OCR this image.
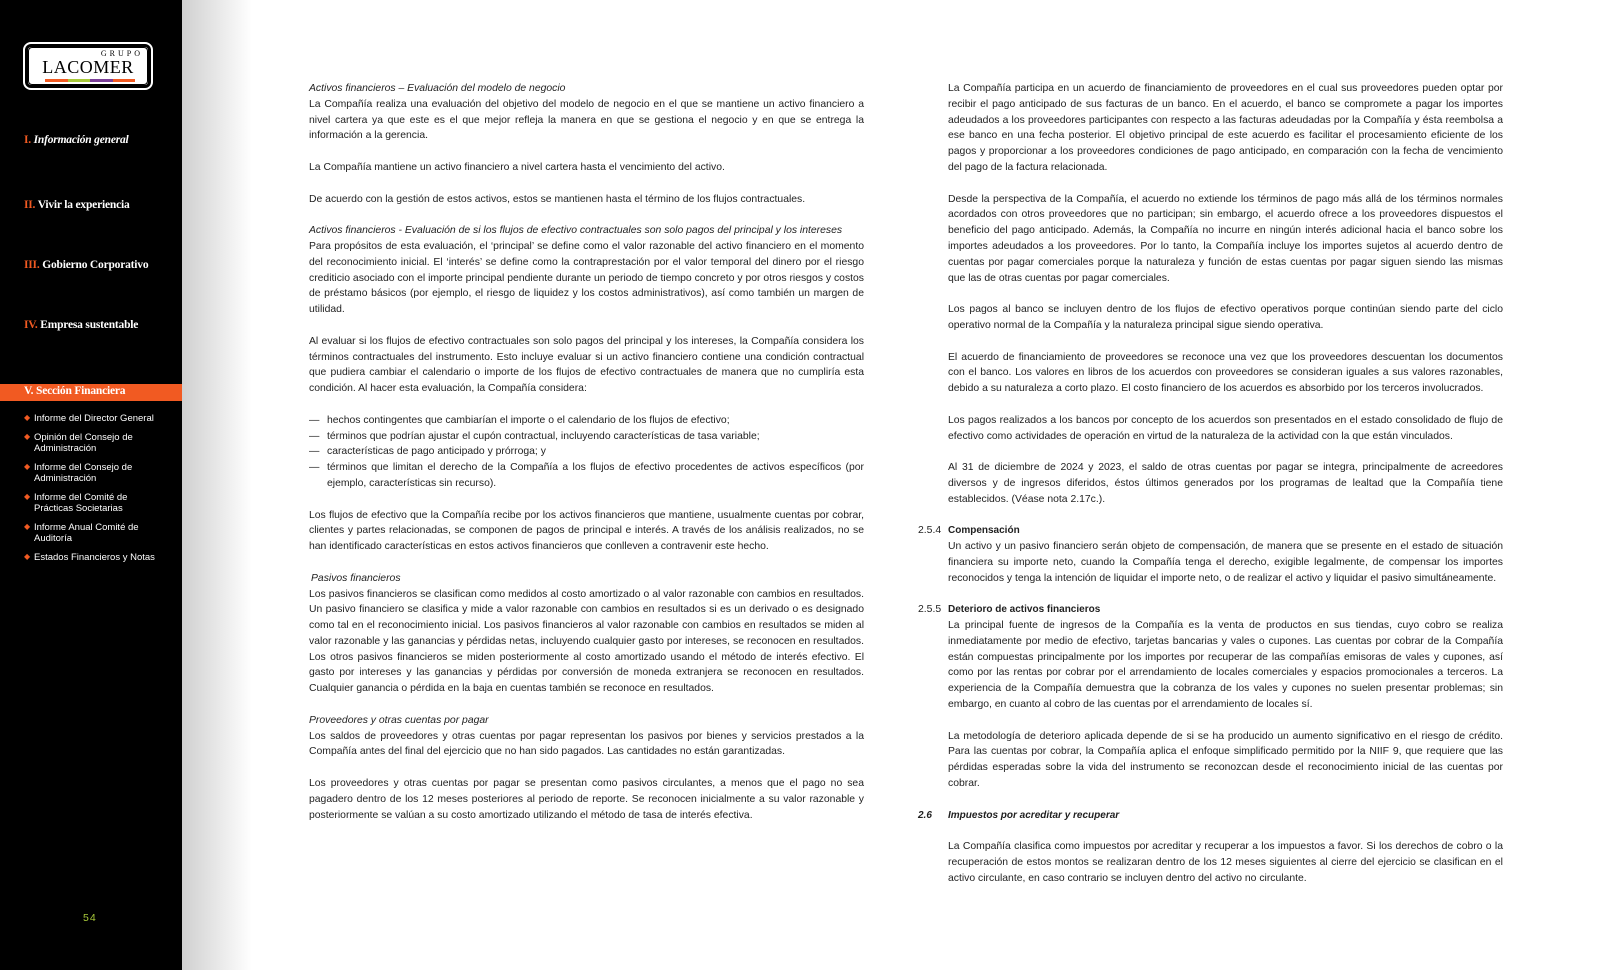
GRUPO
LACOMER
I. Información general
II. Vivir la experiencia
III. Gobierno Corporativo
IV. Empresa sustentable
V. Sección Financiera
◆ Informe del Director General
◆ Opinión del Consejo de Administración
◆ Informe del Consejo de Administración
◆ Informe del Comité de Prácticas Societarias
◆ Informe Anual Comité de Auditoría
◆ Estados Financieros y Notas
54
Activos financieros – Evaluación del modelo de negocio

La Compañía realiza una evaluación del objetivo del modelo de negocio en el que se mantiene un activo financiero a nivel cartera ya que este es el que mejor refleja la manera en que se gestiona el negocio y en que se entrega la información a la gerencia.

La Compañía mantiene un activo financiero a nivel cartera hasta el vencimiento del activo.

De acuerdo con la gestión de estos activos, estos se mantienen hasta el término de los flujos contractuales.

Activos financieros - Evaluación de si los flujos de efectivo contractuales son solo pagos del principal y los intereses

Para propósitos de esta evaluación, el ‘principal’ se define como el valor razonable del activo financiero en el momento del reconocimiento inicial. El ‘interés’ se define como la contraprestación por el valor temporal del dinero por el riesgo crediticio asociado con el importe principal pendiente durante un periodo de tiempo concreto y por otros riesgos y costos de préstamo básicos (por ejemplo, el riesgo de liquidez y los costos administrativos), así como también un margen de utilidad.

Al evaluar si los flujos de efectivo contractuales son solo pagos del principal y los intereses, la Compañía considera los términos contractuales del instrumento. Esto incluye evaluar si un activo financiero contiene una condición contractual que pudiera cambiar el calendario o importe de los flujos de efectivo contractuales de manera que no cumpliría esta condición. Al hacer esta evaluación, la Compañía considera:

— hechos contingentes que cambiarían el importe o el calendario de los flujos de efectivo;
— términos que podrían ajustar el cupón contractual, incluyendo características de tasa variable;
— características de pago anticipado y prórroga; y
— términos que limitan el derecho de la Compañía a los flujos de efectivo procedentes de activos específicos (por ejemplo, características sin recurso).

Los flujos de efectivo que la Compañía recibe por los activos financieros que mantiene, usualmente cuentas por cobrar, clientes y partes relacionadas, se componen de pagos de principal e interés. A través de los análisis realizados, no se han identificado características en estos activos financieros que conlleven a contravenir este hecho.

Pasivos financieros

Los pasivos financieros se clasifican como medidos al costo amortizado o al valor razonable con cambios en resultados. Un pasivo financiero se clasifica y mide a valor razonable con cambios en resultados si es un derivado o es designado como tal en el reconocimiento inicial. Los pasivos financieros al valor razonable con cambios en resultados se miden al valor razonable y las ganancias y pérdidas netas, incluyendo cualquier gasto por intereses, se reconocen en resultados. Los otros pasivos financieros se miden posteriormente al costo amortizado usando el método de interés efectivo. El gasto por intereses y las ganancias y pérdidas por conversión de moneda extranjera se reconocen en resultados. Cualquier ganancia o pérdida en la baja en cuentas también se reconoce en resultados.

Proveedores y otras cuentas por pagar

Los saldos de proveedores y otras cuentas por pagar representan los pasivos por bienes y servicios prestados a la Compañía antes del final del ejercicio que no han sido pagados. Las cantidades no están garantizadas.

Los proveedores y otras cuentas por pagar se presentan como pasivos circulantes, a menos que el pago no sea pagadero dentro de los 12 meses posteriores al periodo de reporte. Se reconocen inicialmente a su valor razonable y posteriormente se valúan a su costo amortizado utilizando el método de tasa de interés efectiva.

La Compañía participa en un acuerdo de financiamiento de proveedores en el cual sus proveedores pueden optar por recibir el pago anticipado de sus facturas de un banco. En el acuerdo, el banco se compromete a pagar los importes adeudados a los proveedores participantes con respecto a las facturas adeudadas por la Compañía y ésta reembolsa a ese banco en una fecha posterior. El objetivo principal de este acuerdo es facilitar el procesamiento eficiente de los pagos y proporcionar a los proveedores condiciones de pago anticipado, en comparación con la fecha de vencimiento del pago de la factura relacionada.

Desde la perspectiva de la Compañía, el acuerdo no extiende los términos de pago más allá de los términos normales acordados con otros proveedores que no participan; sin embargo, el acuerdo ofrece a los proveedores dispuestos el beneficio del pago anticipado. Además, la Compañía no incurre en ningún interés adicional hacia el banco sobre los importes adeudados a los proveedores. Por lo tanto, la Compañía incluye los importes sujetos al acuerdo dentro de cuentas por pagar comerciales porque la naturaleza y función de estas cuentas por pagar siguen siendo las mismas que las de otras cuentas por pagar comerciales.

Los pagos al banco se incluyen dentro de los flujos de efectivo operativos porque continúan siendo parte del ciclo operativo normal de la Compañía y la naturaleza principal sigue siendo operativa.

El acuerdo de financiamiento de proveedores se reconoce una vez que los proveedores descuentan los documentos con el banco. Los valores en libros de los acuerdos con proveedores se consideran iguales a sus valores razonables, debido a su naturaleza a corto plazo. El costo financiero de los acuerdos es absorbido por los terceros involucrados.

Los pagos realizados a los bancos por concepto de los acuerdos son presentados en el estado consolidado de flujo de efectivo como actividades de operación en virtud de la naturaleza de la actividad con la que están vinculados.

Al 31 de diciembre de 2024 y 2023, el saldo de otras cuentas por pagar se integra, principalmente de acreedores diversos y de ingresos diferidos, éstos últimos generados por los programas de lealtad que la Compañía tiene establecidos. (Véase nota 2.17c.).

2.5.4 Compensación

Un activo y un pasivo financiero serán objeto de compensación, de manera que se presente en el estado de situación financiera su importe neto, cuando la Compañía tenga el derecho, exigible legalmente, de compensar los importes reconocidos y tenga la intención de liquidar el importe neto, o de realizar el activo y liquidar el pasivo simultáneamente.

2.5.5 Deterioro de activos financieros

La principal fuente de ingresos de la Compañía es la venta de productos en sus tiendas, cuyo cobro se realiza inmediatamente por medio de efectivo, tarjetas bancarias y vales o cupones. Las cuentas por cobrar de la Compañía están compuestas principalmente por los importes por recuperar de las compañías emisoras de vales y cupones, así como por las rentas por cobrar por el arrendamiento de locales comerciales y espacios promocionales a terceros. La experiencia de la Compañía demuestra que la cobranza de los vales y cupones no suelen presentar problemas; sin embargo, en cuanto al cobro de las cuentas por el arrendamiento de locales sí.

La metodología de deterioro aplicada depende de si se ha producido un aumento significativo en el riesgo de crédito. Para las cuentas por cobrar, la Compañía aplica el enfoque simplificado permitido por la NIIF 9, que requiere que las pérdidas esperadas sobre la vida del instrumento se reconozcan desde el reconocimiento inicial de las cuentas por cobrar.

2.6 Impuestos por acreditar y recuperar

La Compañía clasifica como impuestos por acreditar y recuperar a los impuestos a favor. Si los derechos de cobro o la recuperación de estos montos se realizaran dentro de los 12 meses siguientes al cierre del ejercicio se clasifican en el activo circulante, en caso contrario se incluyen dentro del activo no circulante.
